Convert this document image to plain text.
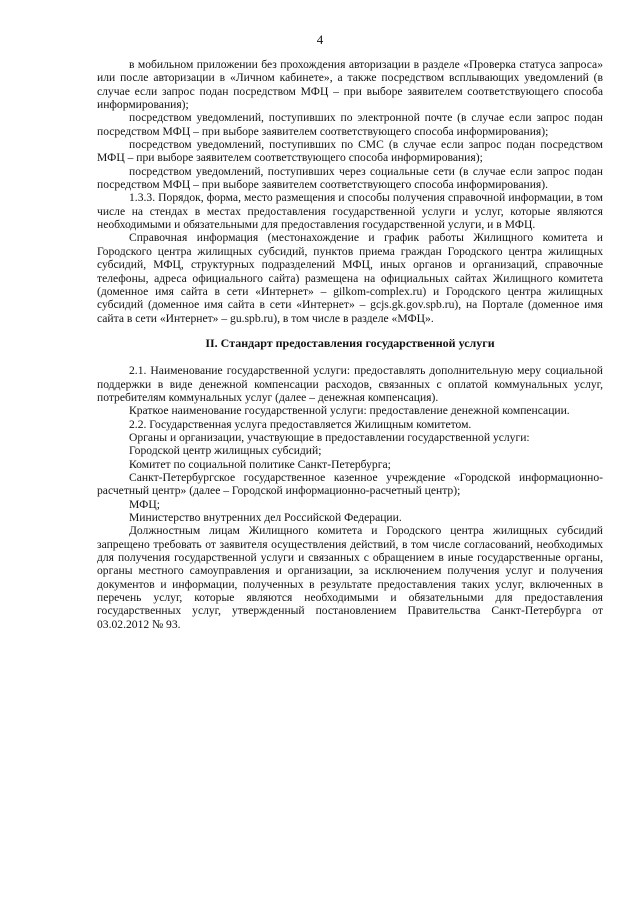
4

в мобильном приложении без прохождения авторизации в разделе «Проверка статуса запроса» или после авторизации в «Личном кабинете», а также посредством всплывающих уведомлений (в случае если запрос подан посредством МФЦ – при выборе заявителем соответствующего способа информирования);

посредством уведомлений, поступивших по электронной почте (в случае если запрос подан посредством МФЦ – при выборе заявителем соответствующего способа информирования);

посредством уведомлений, поступивших по СМС (в случае если запрос подан посредством МФЦ – при выборе заявителем соответствующего способа информирования);

посредством уведомлений, поступивших через социальные сети (в случае если запрос подан посредством МФЦ – при выборе заявителем соответствующего способа информирования).

1.3.3. Порядок, форма, место размещения и способы получения справочной информации, в том числе на стендах в местах предоставления государственной услуги и услуг, которые являются необходимыми и обязательными для предоставления государственной услуги, и в МФЦ.

Справочная информация (местонахождение и график работы Жилищного комитета и Городского центра жилищных субсидий, пунктов приема граждан Городского центра жилищных субсидий, МФЦ, структурных подразделений МФЦ, иных органов и организаций, справочные телефоны, адреса официального сайта) размещена на официальных сайтах Жилищного комитета (доменное имя сайта в сети «Интернет» – gilkom-complex.ru) и Городского центра жилищных субсидий (доменное имя сайта в сети «Интернет» – gcjs.gk.gov.spb.ru), на Портале (доменное имя сайта в сети «Интернет» – gu.spb.ru), в том числе в разделе «МФЦ».

II. Стандарт предоставления государственной услуги

2.1. Наименование государственной услуги: предоставлять дополнительную меру социальной поддержки в виде денежной компенсации расходов, связанных с оплатой коммунальных услуг, потребителям коммунальных услуг (далее – денежная компенсация).

Краткое наименование государственной услуги: предоставление денежной компенсации.

2.2. Государственная услуга предоставляется Жилищным комитетом.

Органы и организации, участвующие в предоставлении государственной услуги:

Городской центр жилищных субсидий;

Комитет по социальной политике Санкт-Петербурга;

Санкт-Петербургское государственное казенное учреждение «Городской информационно-расчетный центр» (далее – Городской информационно-расчетный центр);

МФЦ;

Министерство внутренних дел Российской Федерации.

Должностным лицам Жилищного комитета и Городского центра жилищных субсидий запрещено требовать от заявителя осуществления действий, в том числе согласований, необходимых для получения государственной услуги и связанных с обращением в иные государственные органы, органы местного самоуправления и организации, за исключением получения услуг и получения документов и информации, полученных в результате предоставления таких услуг, включенных в перечень услуг, которые являются необходимыми и обязательными для предоставления государственных услуг, утвержденный постановлением Правительства Санкт-Петербурга от 03.02.2012 № 93.
